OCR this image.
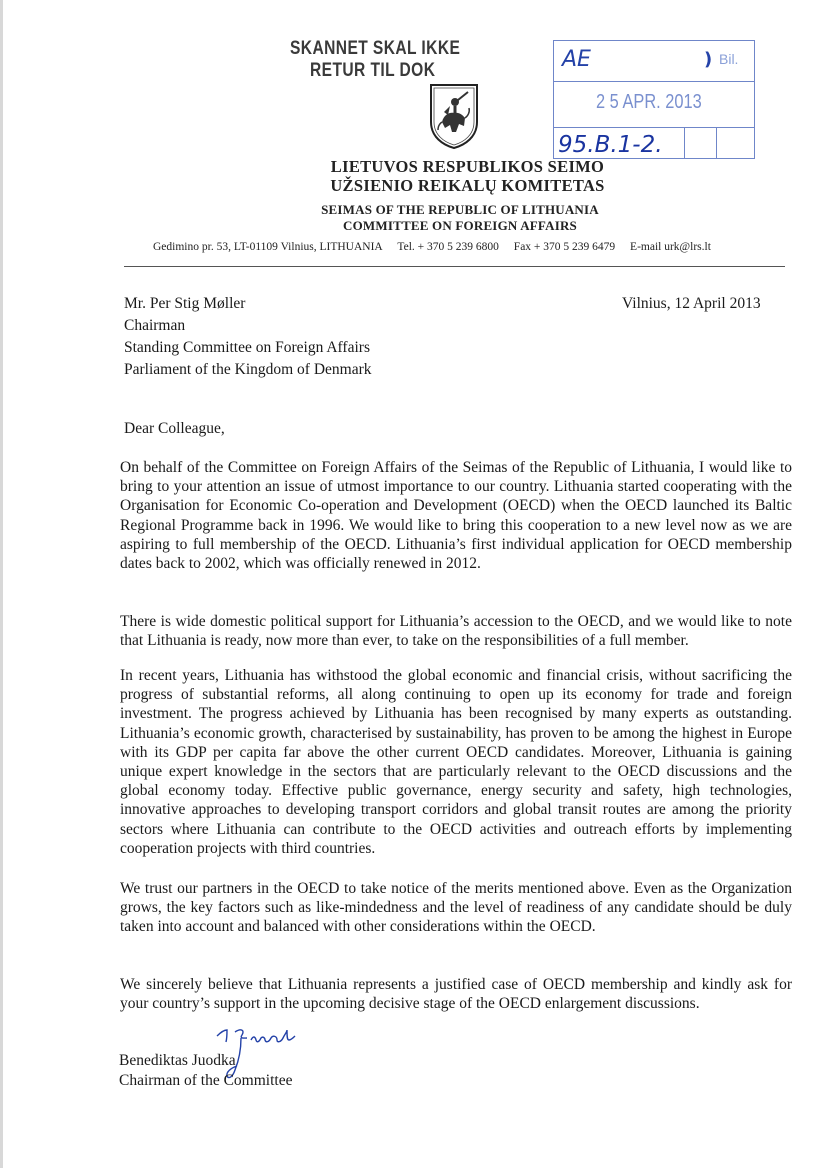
SKANNET SKAL IKKE
RETUR TIL DOK	AE	) Bil.
2 5 APR. 2013
95.B.1-2.
LIETUVOS RESPUBLIKOS SEIMO
UŽSIENIO REIKALŲ KOMITETAS
SEIMAS OF THE REPUBLIC OF LITHUANIA
COMMITTEE ON FOREIGN AFFAIRS
Gedimino pr. 53, LT-01109 Vilnius, LITHUANIA Tel. + 370 5 239 6800 Fax + 370 5 239 6479 E-mail urk@lrs.lt
Mr. Per Stig Møller
Chairman
Standing Committee on Foreign Affairs
Parliament of the Kingdom of Denmark
Vilnius, 12 April 2013
Dear Colleague,

On behalf of the Committee on Foreign Affairs of the Seimas of the Republic of Lithuania, I would like to bring to your attention an issue of utmost importance to our country. Lithuania started cooperating with the Organisation for Economic Co-operation and Development (OECD) when the OECD launched its Baltic Regional Programme back in 1996. We would like to bring this cooperation to a new level now as we are aspiring to full membership of the OECD. Lithuania’s first individual application for OECD membership dates back to 2002, which was officially renewed in 2012.

There is wide domestic political support for Lithuania’s accession to the OECD, and we would like to note that Lithuania is ready, now more than ever, to take on the responsibilities of a full member.

In recent years, Lithuania has withstood the global economic and financial crisis, without sacrificing the progress of substantial reforms, all along continuing to open up its economy for trade and foreign investment. The progress achieved by Lithuania has been recognised by many experts as outstanding. Lithuania’s economic growth, characterised by sustainability, has proven to be among the highest in Europe with its GDP per capita far above the other current OECD candidates. Moreover, Lithuania is gaining unique expert knowledge in the sectors that are particularly relevant to the OECD discussions and the global economy today. Effective public governance, energy security and safety, high technologies, innovative approaches to developing transport corridors and global transit routes are among the priority sectors where Lithuania can contribute to the OECD activities and outreach efforts by implementing cooperation projects with third countries.

We trust our partners in the OECD to take notice of the merits mentioned above. Even as the Organization grows, the key factors such as like-mindedness and the level of readiness of any candidate should be duly taken into account and balanced with other considerations within the OECD.

We sincerely believe that Lithuania represents a justified case of OECD membership and kindly ask for your country’s support in the upcoming decisive stage of the OECD enlargement discussions.

Benediktas Juodka
Chairman of the Committee
